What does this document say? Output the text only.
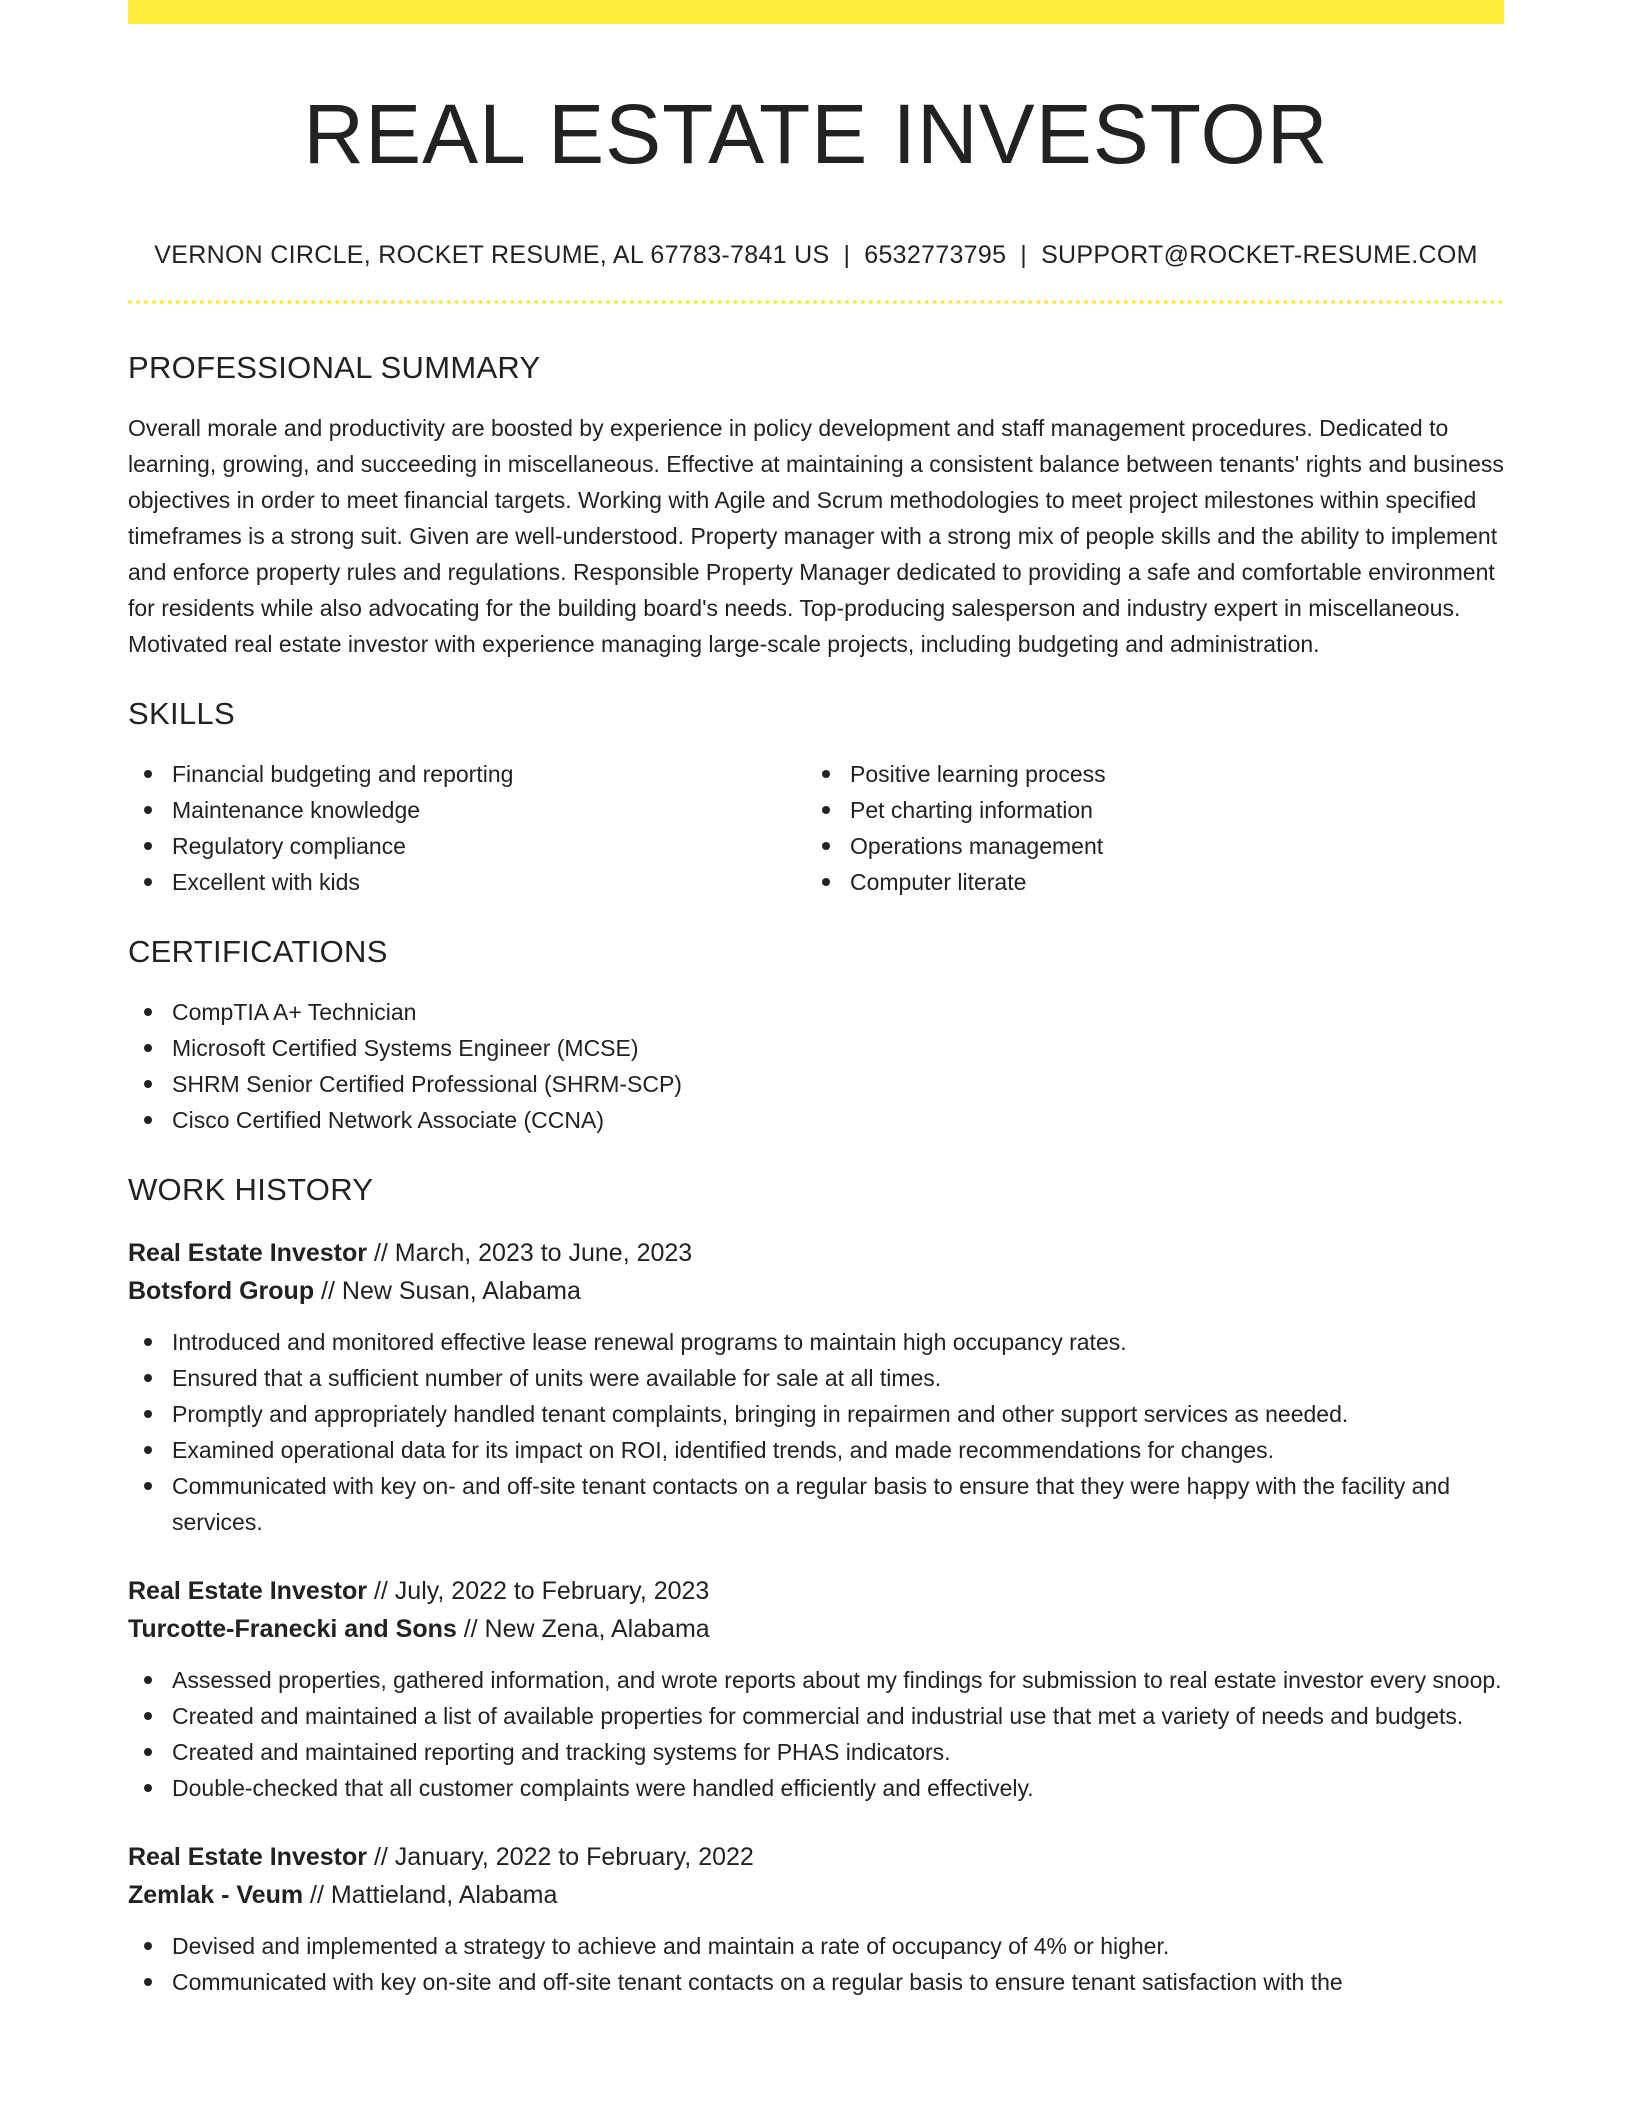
REAL ESTATE INVESTOR
VERNON CIRCLE, ROCKET RESUME, AL 67783-7841 US | 6532773795 | SUPPORT@ROCKET-RESUME.COM
PROFESSIONAL SUMMARY

Overall morale and productivity are boosted by experience in policy development and staff management procedures. Dedicated to learning, growing, and succeeding in miscellaneous. Effective at maintaining a consistent balance between tenants' rights and business objectives in order to meet financial targets. Working with Agile and Scrum methodologies to meet project milestones within specified timeframes is a strong suit. Given are well-understood. Property manager with a strong mix of people skills and the ability to implement and enforce property rules and regulations. Responsible Property Manager dedicated to providing a safe and comfortable environment for residents while also advocating for the building board's needs. Top-producing salesperson and industry expert in miscellaneous. Motivated real estate investor with experience managing large-scale projects, including budgeting and administration.

SKILLS
Financial budgeting and reporting
Maintenance knowledge
Regulatory compliance
Excellent with kids
Positive learning process
Pet charting information
Operations management
Computer literate
CERTIFICATIONS
CompTIA A+ Technician
Microsoft Certified Systems Engineer (MCSE)
SHRM Senior Certified Professional (SHRM-SCP)
Cisco Certified Network Associate (CCNA)
WORK HISTORY
Real Estate Investor // March, 2023 to June, 2023
Botsford Group // New Susan, Alabama
Introduced and monitored effective lease renewal programs to maintain high occupancy rates.
Ensured that a sufficient number of units were available for sale at all times.
Promptly and appropriately handled tenant complaints, bringing in repairmen and other support services as needed.
Examined operational data for its impact on ROI, identified trends, and made recommendations for changes.
Communicated with key on- and off-site tenant contacts on a regular basis to ensure that they were happy with the facility and services.
Real Estate Investor // July, 2022 to February, 2023
Turcotte-Franecki and Sons // New Zena, Alabama
Assessed properties, gathered information, and wrote reports about my findings for submission to real estate investor every snoop.
Created and maintained a list of available properties for commercial and industrial use that met a variety of needs and budgets.
Created and maintained reporting and tracking systems for PHAS indicators.
Double-checked that all customer complaints were handled efficiently and effectively.
Real Estate Investor // January, 2022 to February, 2022
Zemlak - Veum // Mattieland, Alabama
Devised and implemented a strategy to achieve and maintain a rate of occupancy of 4% or higher.
Communicated with key on-site and off-site tenant contacts on a regular basis to ensure tenant satisfaction with the
